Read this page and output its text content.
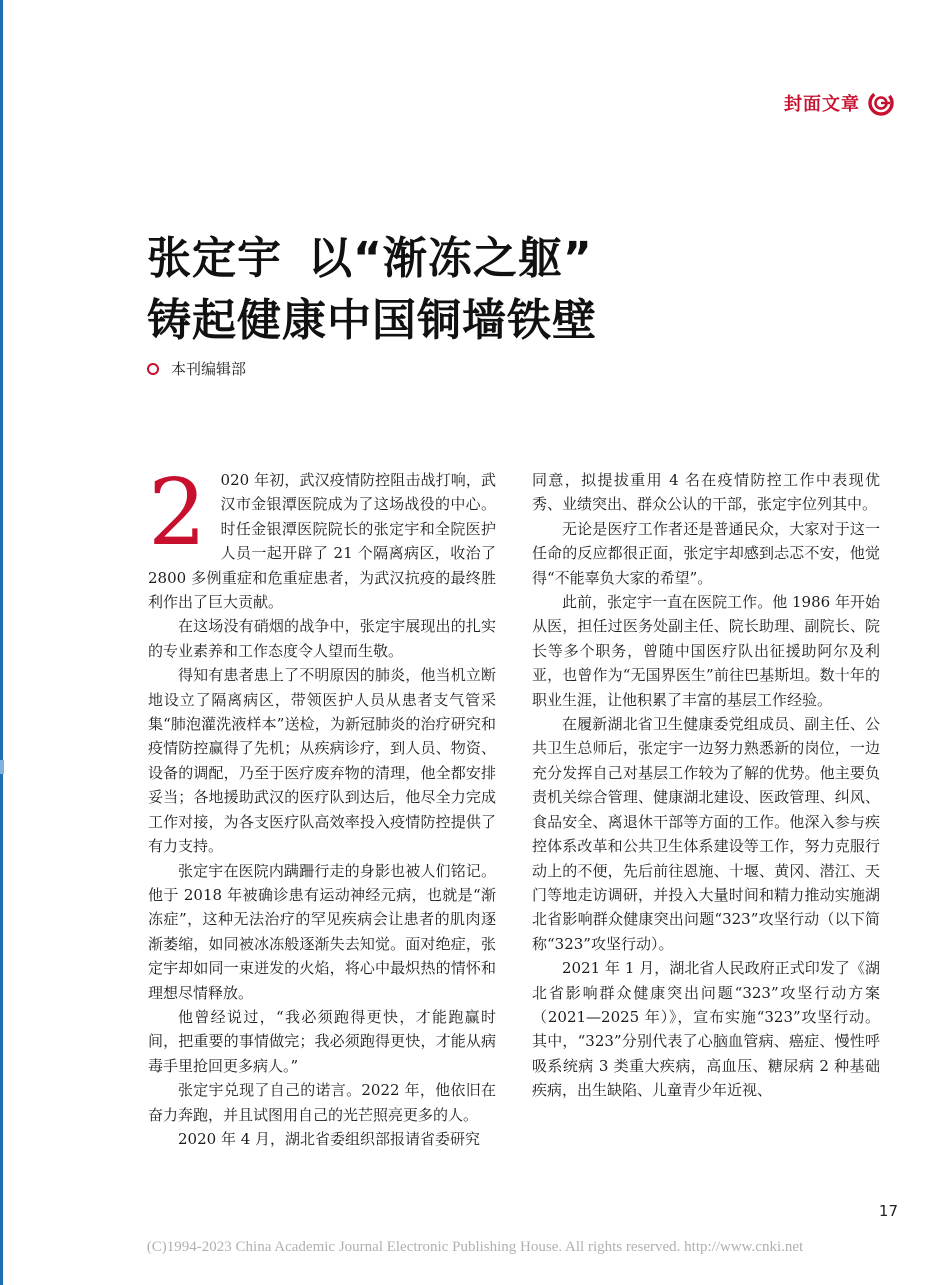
封面文章
张定宇 以“渐冻之躯”
铸起健康中国铜墙铁壁
本刊编辑部

2 020 年初，武汉疫情防控阻击战打响，武汉市金银潭医院成为了这场战役的中心。时任金银潭医院院长的张定宇和全院医护人员一起开辟了 21 个隔离病区，收治了 2800 多例重症和危重症患者，为武汉抗疫的最终胜利作出了巨大贡献。

在这场没有硝烟的战争中，张定宇展现出的扎实的专业素养和工作态度令人望而生敬。

得知有患者患上了不明原因的肺炎，他当机立断地设立了隔离病区，带领医护人员从患者支气管采集“肺泡灌洗液样本”送检，为新冠肺炎的治疗研究和疫情防控赢得了先机；从疾病诊疗，到人员、物资、设备的调配，乃至于医疗废弃物的清理，他全都安排妥当；各地援助武汉的医疗队到达后，他尽全力完成工作对接，为各支医疗队高效率投入疫情防控提供了有力支持。

张定宇在医院内蹒跚行走的身影也被人们铭记。他于 2018 年被确诊患有运动神经元病，也就是“渐冻症”，这种无法治疗的罕见疾病会让患者的肌肉逐渐萎缩，如同被冰冻般逐渐失去知觉。面对绝症，张定宇却如同一束迸发的火焰，将心中最炽热的情怀和理想尽情释放。

他曾经说过，“我必须跑得更快，才能跑赢时间，把重要的事情做完；我必须跑得更快，才能从病毒手里抢回更多病人。”

张定宇兑现了自己的诺言。2022 年，他依旧在奋力奔跑，并且试图用自己的光芒照亮更多的人。

2020 年 4 月，湖北省委组织部报请省委研究

同意，拟提拔重用 4 名在疫情防控工作中表现优秀、业绩突出、群众公认的干部，张定宇位列其中。

无论是医疗工作者还是普通民众，大家对于这一任命的反应都很正面，张定宇却感到忐忑不安，他觉得“不能辜负大家的希望”。

此前，张定宇一直在医院工作。他 1986 年开始从医，担任过医务处副主任、院长助理、副院长、院长等多个职务，曾随中国医疗队出征援助阿尔及利亚，也曾作为“无国界医生”前往巴基斯坦。数十年的职业生涯，让他积累了丰富的基层工作经验。

在履新湖北省卫生健康委党组成员、副主任、公共卫生总师后，张定宇一边努力熟悉新的岗位，一边充分发挥自己对基层工作较为了解的优势。他主要负责机关综合管理、健康湖北建设、医政管理、纠风、食品安全、离退休干部等方面的工作。他深入参与疾控体系改革和公共卫生体系建设等工作，努力克服行动上的不便，先后前往恩施、十堰、黄冈、潜江、天门等地走访调研，并投入大量时间和精力推动实施湖北省影响群众健康突出问题“323”攻坚行动（以下简称“323”攻坚行动）。

2021 年 1 月，湖北省人民政府正式印发了《湖北省影响群众健康突出问题“323”攻坚行动方案（2021—2025 年）》，宣布实施“323”攻坚行动。其中，“323”分别代表了心脑血管病、癌症、慢性呼吸系统病 3 类重大疾病，高血压、糖尿病 2 种基础疾病，出生缺陷、儿童青少年近视、

17
(C)1994-2023 China Academic Journal Electronic Publishing House. All rights reserved. http://www.cnki.net
